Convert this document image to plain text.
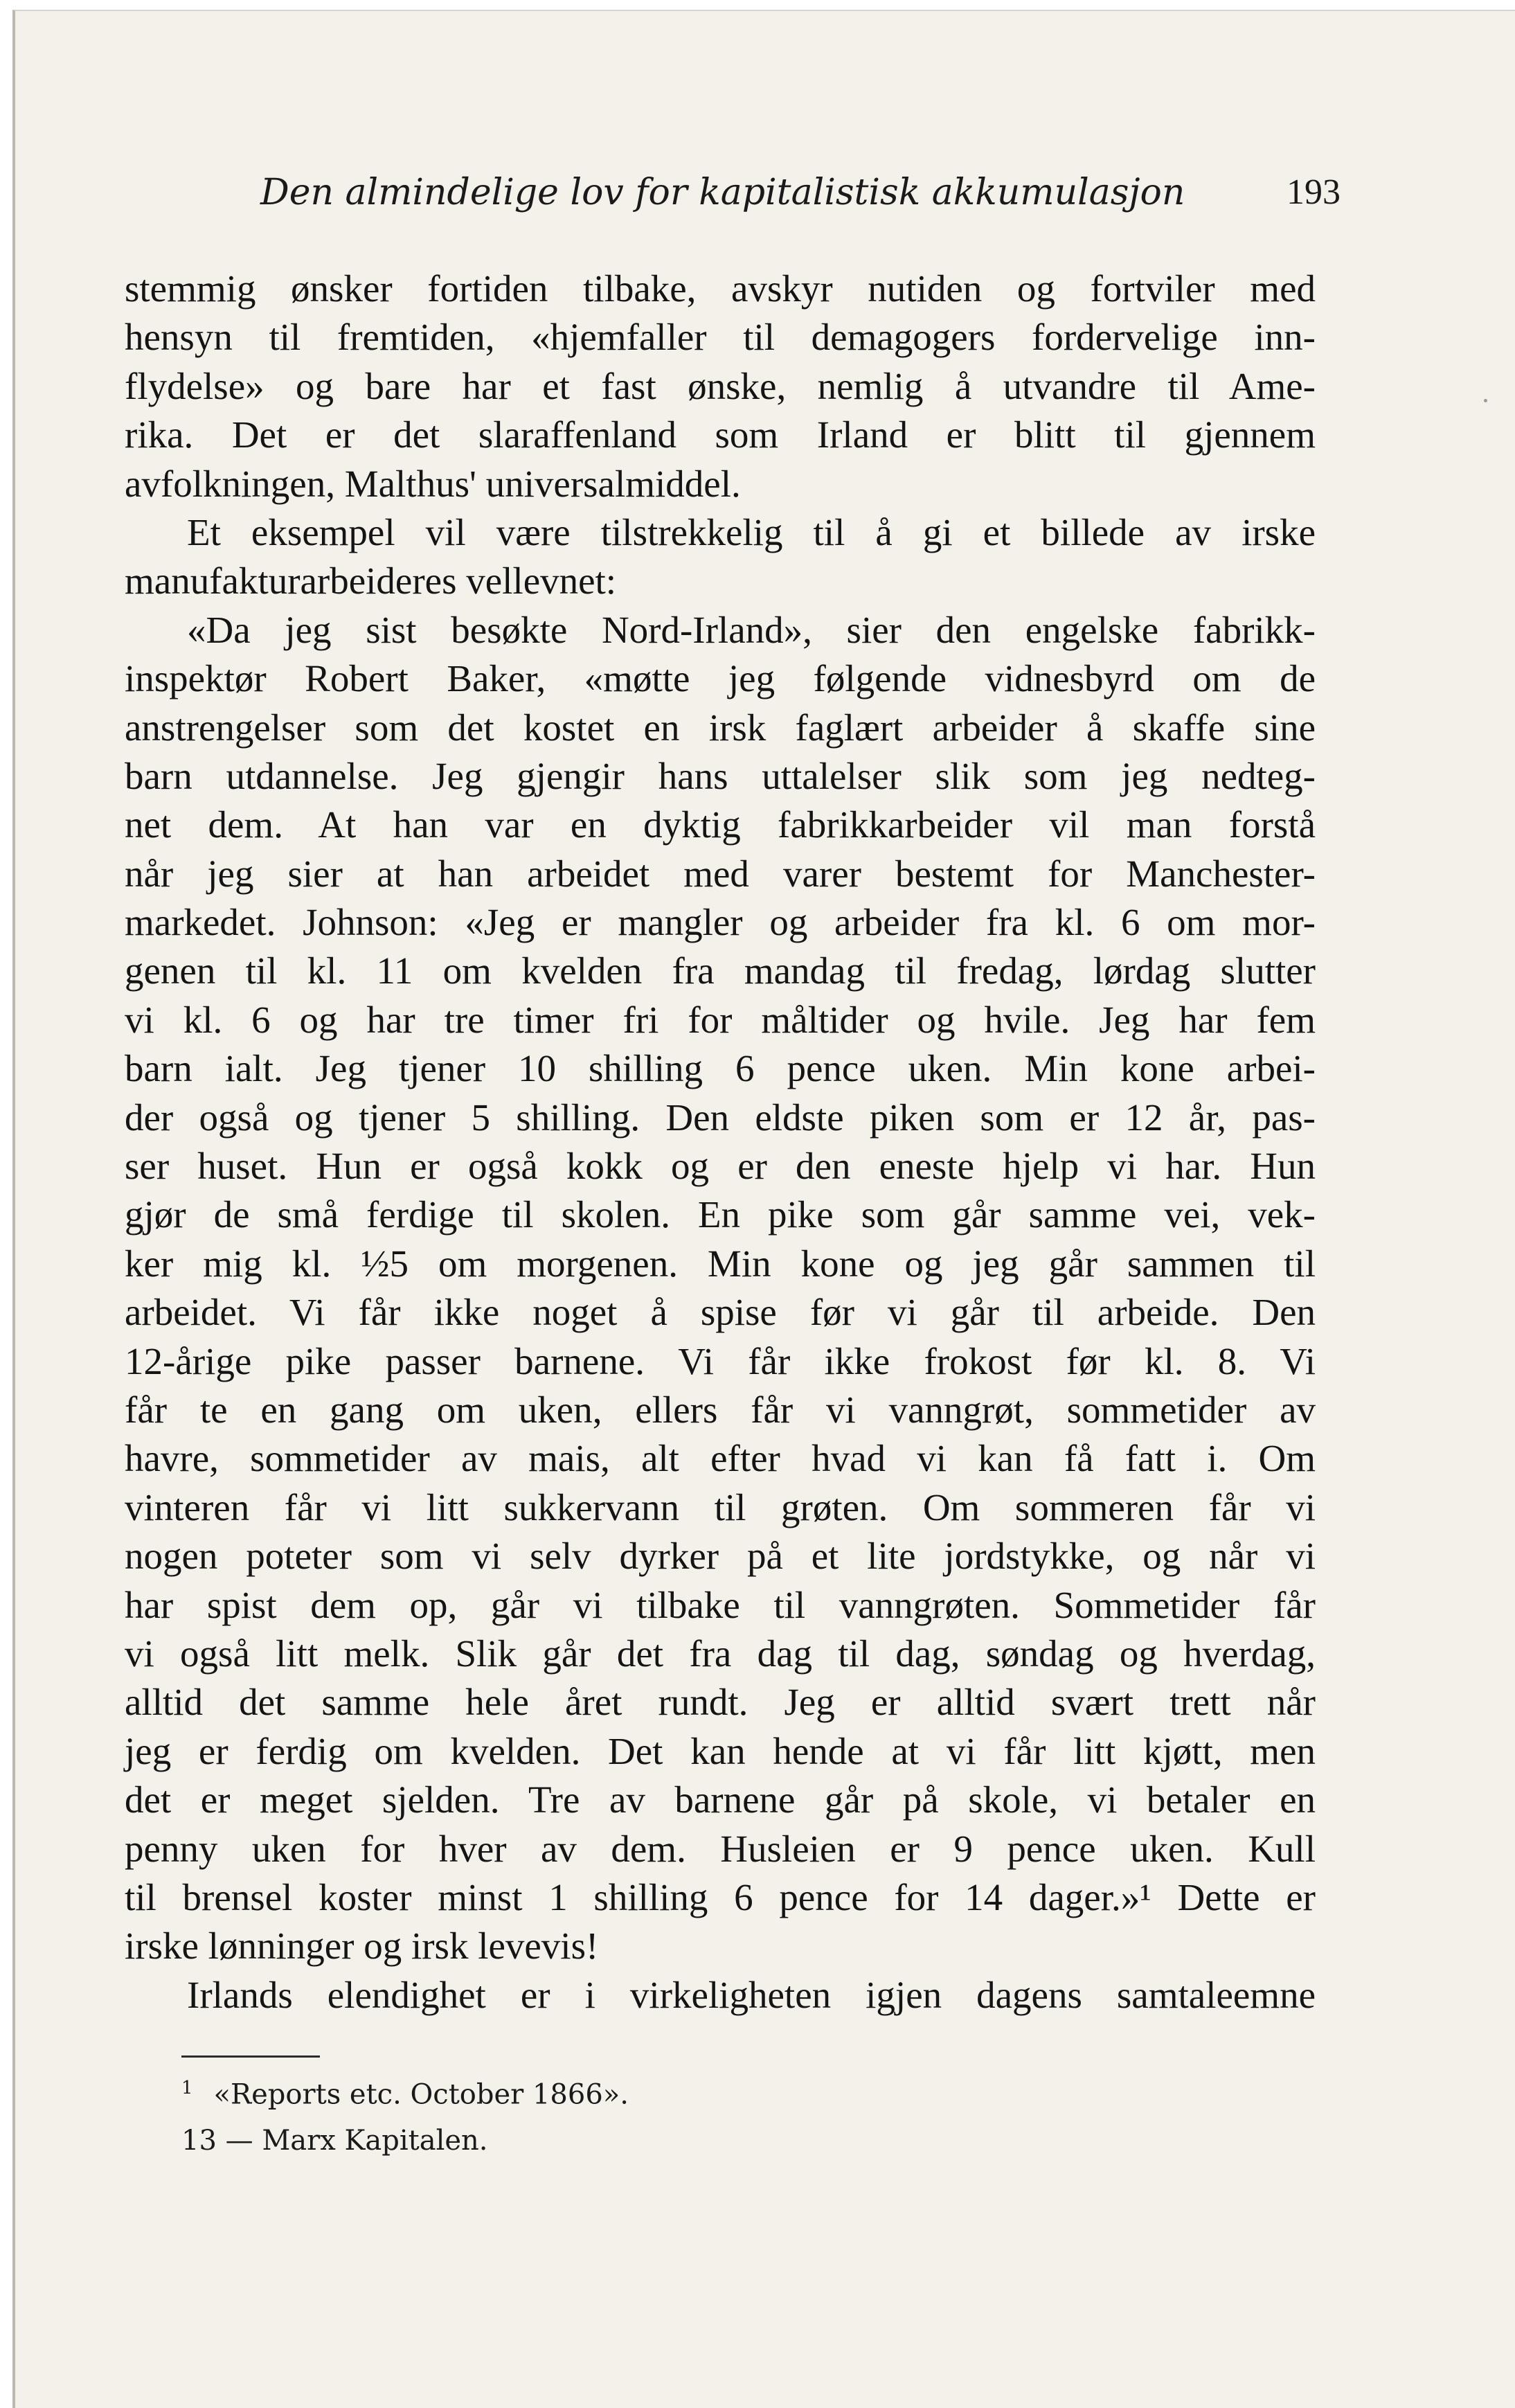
Den almindelige lov for kapitalistisk akkumulasjon	193
stemmig ønsker fortiden tilbake, avskyr nutiden og fortviler med
hensyn til fremtiden, «hjemfaller til demagogers fordervelige inn-
flydelse» og bare har et fast ønske, nemlig å utvandre til Ame-
rika. Det er det slaraffenland som Irland er blitt til gjennem
avfolkningen, Malthus' universalmiddel.
Et eksempel vil være tilstrekkelig til å gi et billede av irske
manufakturarbeideres vellevnet:
«Da jeg sist besøkte Nord-Irland», sier den engelske fabrikk-
inspektør Robert Baker, «møtte jeg følgende vidnesbyrd om de
anstrengelser som det kostet en irsk faglært arbeider å skaffe sine
barn utdannelse. Jeg gjengir hans uttalelser slik som jeg nedteg-
net dem. At han var en dyktig fabrikkarbeider vil man forstå
når jeg sier at han arbeidet med varer bestemt for Manchester-
markedet. Johnson: «Jeg er mangler og arbeider fra kl. 6 om mor-
genen til kl. 11 om kvelden fra mandag til fredag, lørdag slutter
vi kl. 6 og har tre timer fri for måltider og hvile. Jeg har fem
barn ialt. Jeg tjener 10 shilling 6 pence uken. Min kone arbei-
der også og tjener 5 shilling. Den eldste piken som er 12 år, pas-
ser huset. Hun er også kokk og er den eneste hjelp vi har. Hun
gjør de små ferdige til skolen. En pike som går samme vei, vek-
ker mig kl. ½5 om morgenen. Min kone og jeg går sammen til
arbeidet. Vi får ikke noget å spise før vi går til arbeide. Den
12-årige pike passer barnene. Vi får ikke frokost før kl. 8. Vi
får te en gang om uken, ellers får vi vanngrøt, sommetider av
havre, sommetider av mais, alt efter hvad vi kan få fatt i. Om
vinteren får vi litt sukkervann til grøten. Om sommeren får vi
nogen poteter som vi selv dyrker på et lite jordstykke, og når vi
har spist dem op, går vi tilbake til vanngrøten. Sommetider får
vi også litt melk. Slik går det fra dag til dag, søndag og hverdag,
alltid det samme hele året rundt. Jeg er alltid svært trett når
jeg er ferdig om kvelden. Det kan hende at vi får litt kjøtt, men
det er meget sjelden. Tre av barnene går på skole, vi betaler en
penny uken for hver av dem. Husleien er 9 pence uken. Kull
til brensel koster minst 1 shilling 6 pence for 14 dager.»¹ Dette er
irske lønninger og irsk levevis!
Irlands elendighet er i virkeligheten igjen dagens samtaleemne
$^1$ «Reports etc. October 1866».
13 — Marx Kapitalen.
